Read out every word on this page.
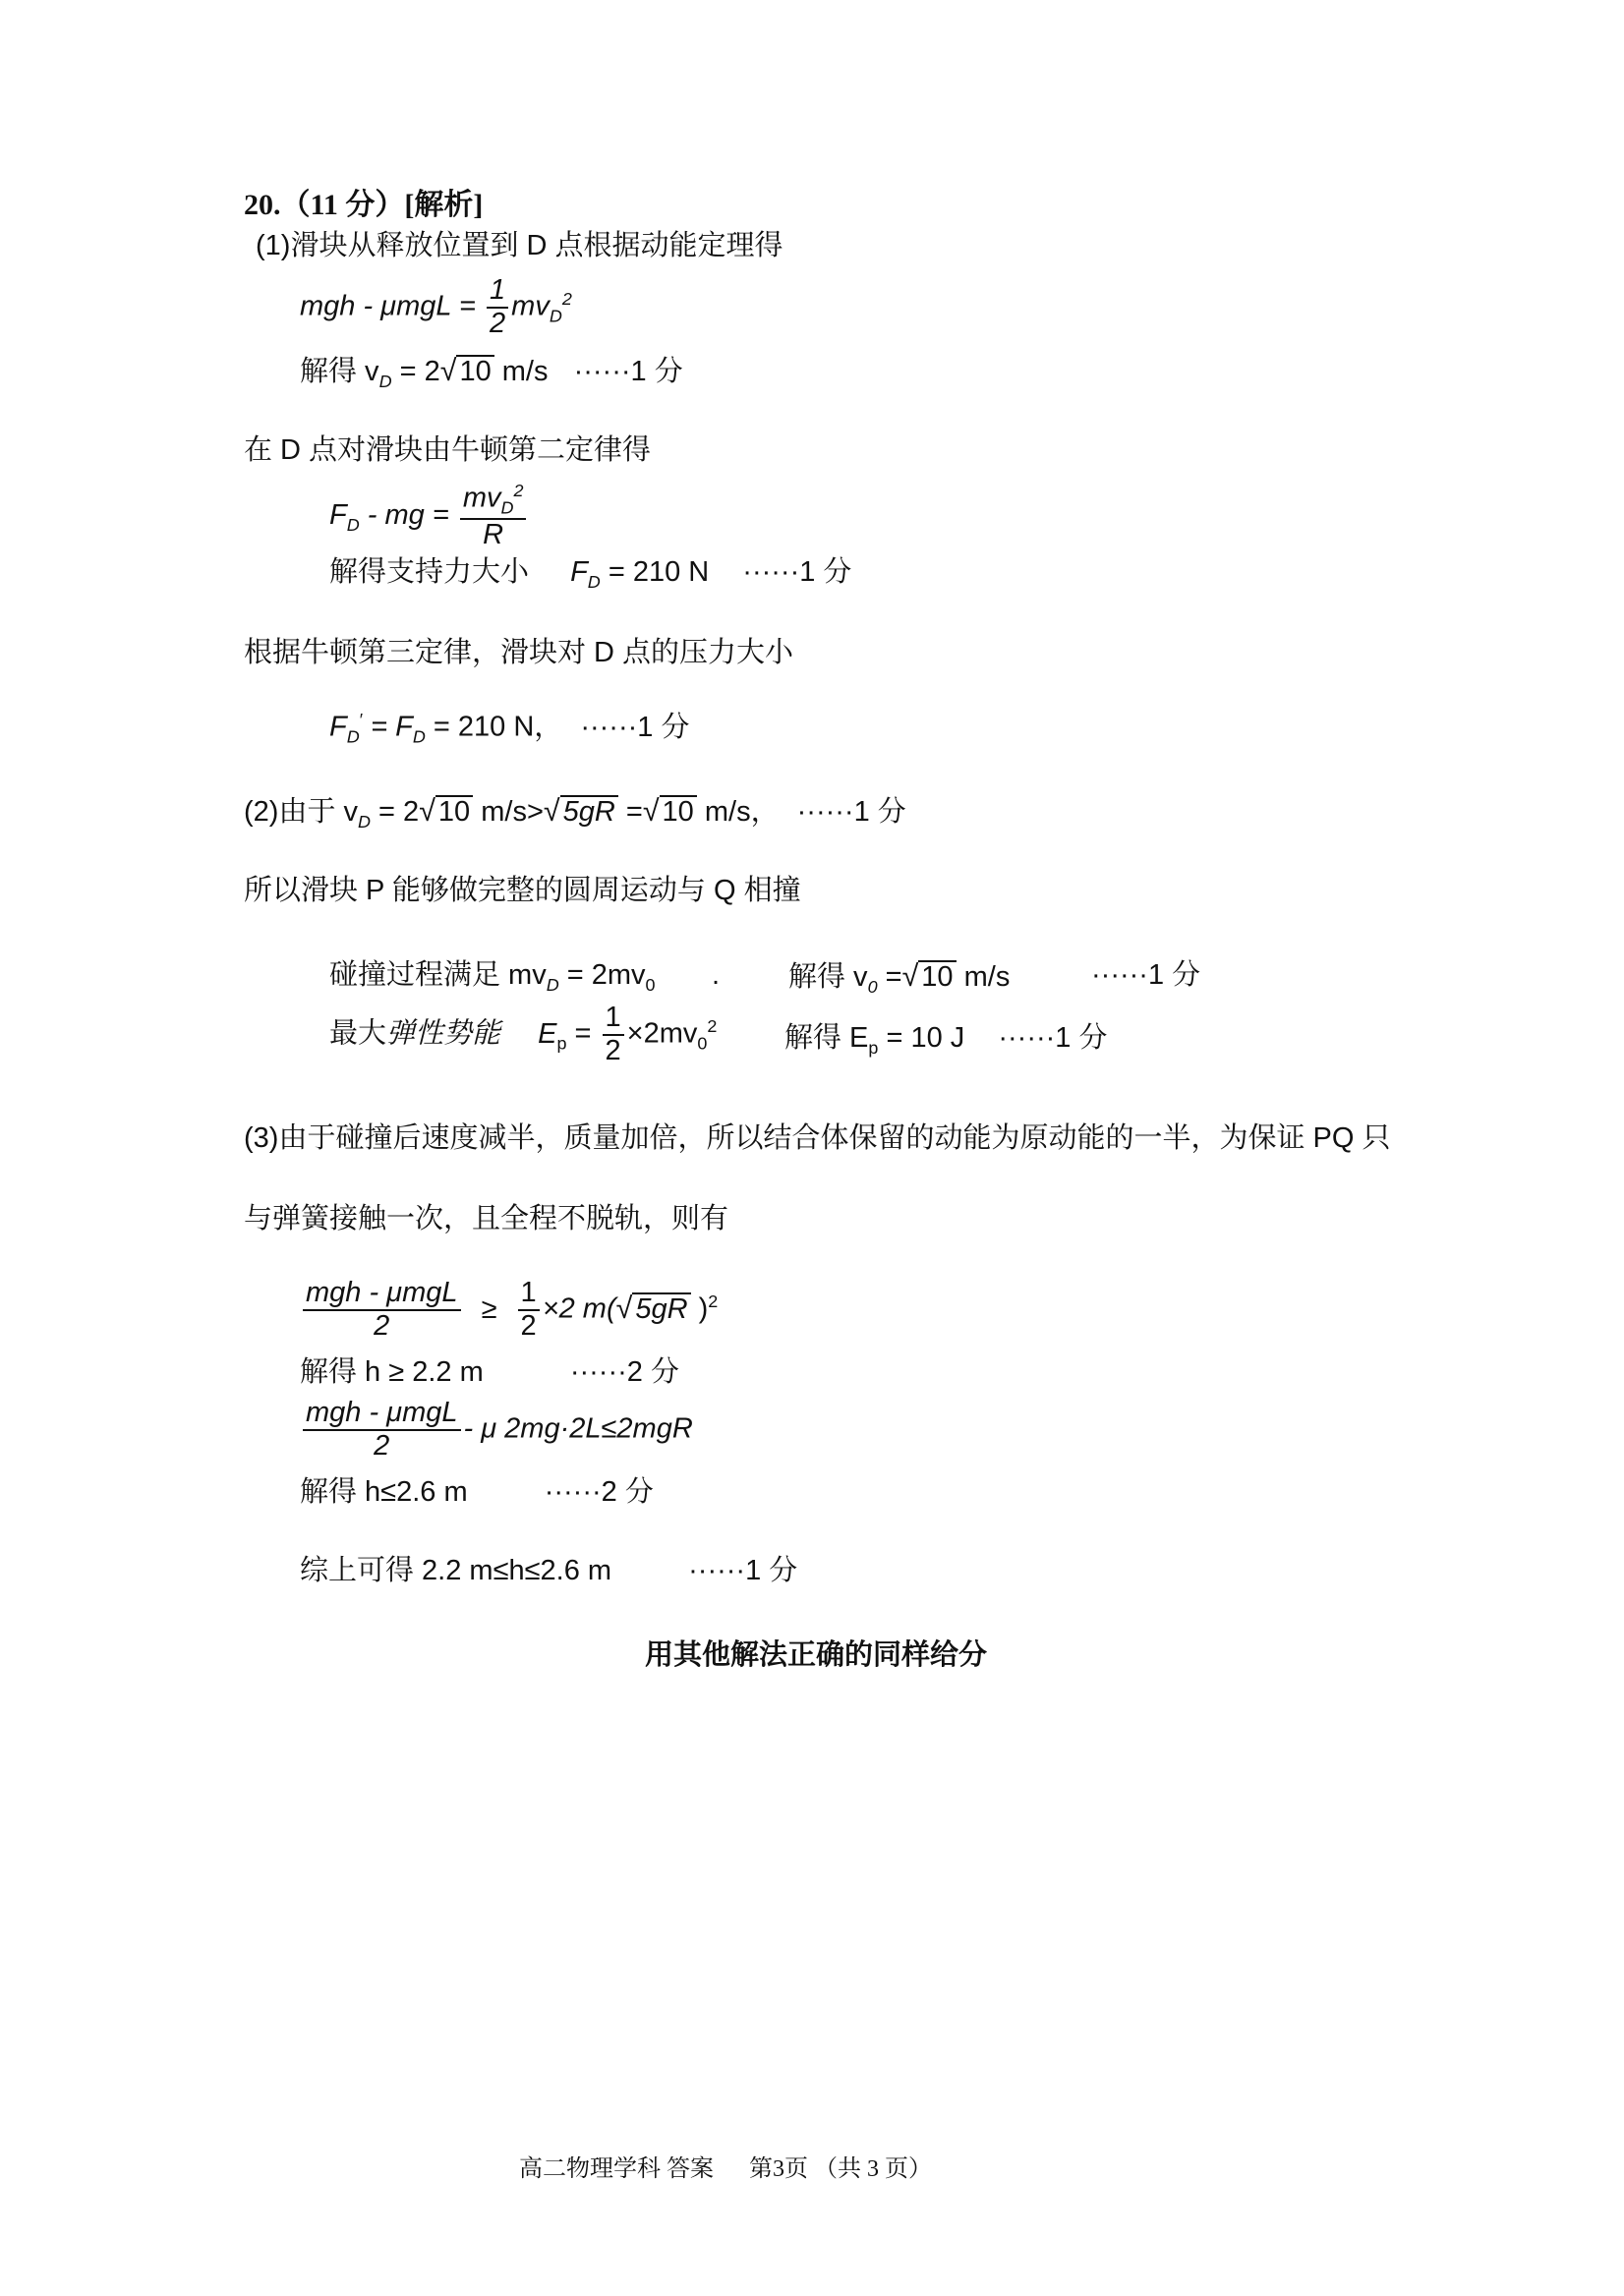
20.（11 分）[解析]
(1)滑块从释放位置到 D 点根据动能定理得
mgh - $\mu mgL = \frac{1}{2} mv_D^2$
解得 $v_D = 2√$ 10 m/s ······1 分
在 D 点对滑块由牛顿第二定律得
$F_D$ - mg = $\frac{mv_D^2}{R}$
解得支持力大小 $F_D = 210$ N ······1 分
根据牛顿第三定律，滑块对 D 点的压力大小
$F_D' = F_D = 210$ N， ······1 分
(2)由于 $v_D = 2√$ 10 m/s>√ 5gR =√ 10 m/s， ······1 分
所以滑块 P 能够做完整的圆周运动与 Q 相撞
碰撞过程满足 $mv_D = 2mv_0$ . 解得 $v_0$ =√ 10 m/s	······1 分
最大弹性势能 $E_p = \frac{1}{2} \times 2mv_0^2$ 解得 $E_p = 10$ J ······1 分
(3)由于碰撞后速度减半，质量加倍，所以结合体保留的动能为原动能的一半，为保证 PQ 只
与弹簧接触一次，且全程不脱轨，则有
$\frac{\text{mgh - μmgL}}{2} \ge \frac{1}{2} \times 2$ m(√ 5gR )$^2$
解得 h ≥ 2.2 m	······2 分
$\frac{\text{mgh - μmgL}}{2}$ - μ 2mg·2L≤2mgR
解得 h≤2.6 m	······2 分
综上可得 2.2 m≤h≤2.6 m	······1 分
用其他解法正确的同样给分
高二物理学科 答案 第3页 （共 3 页）
